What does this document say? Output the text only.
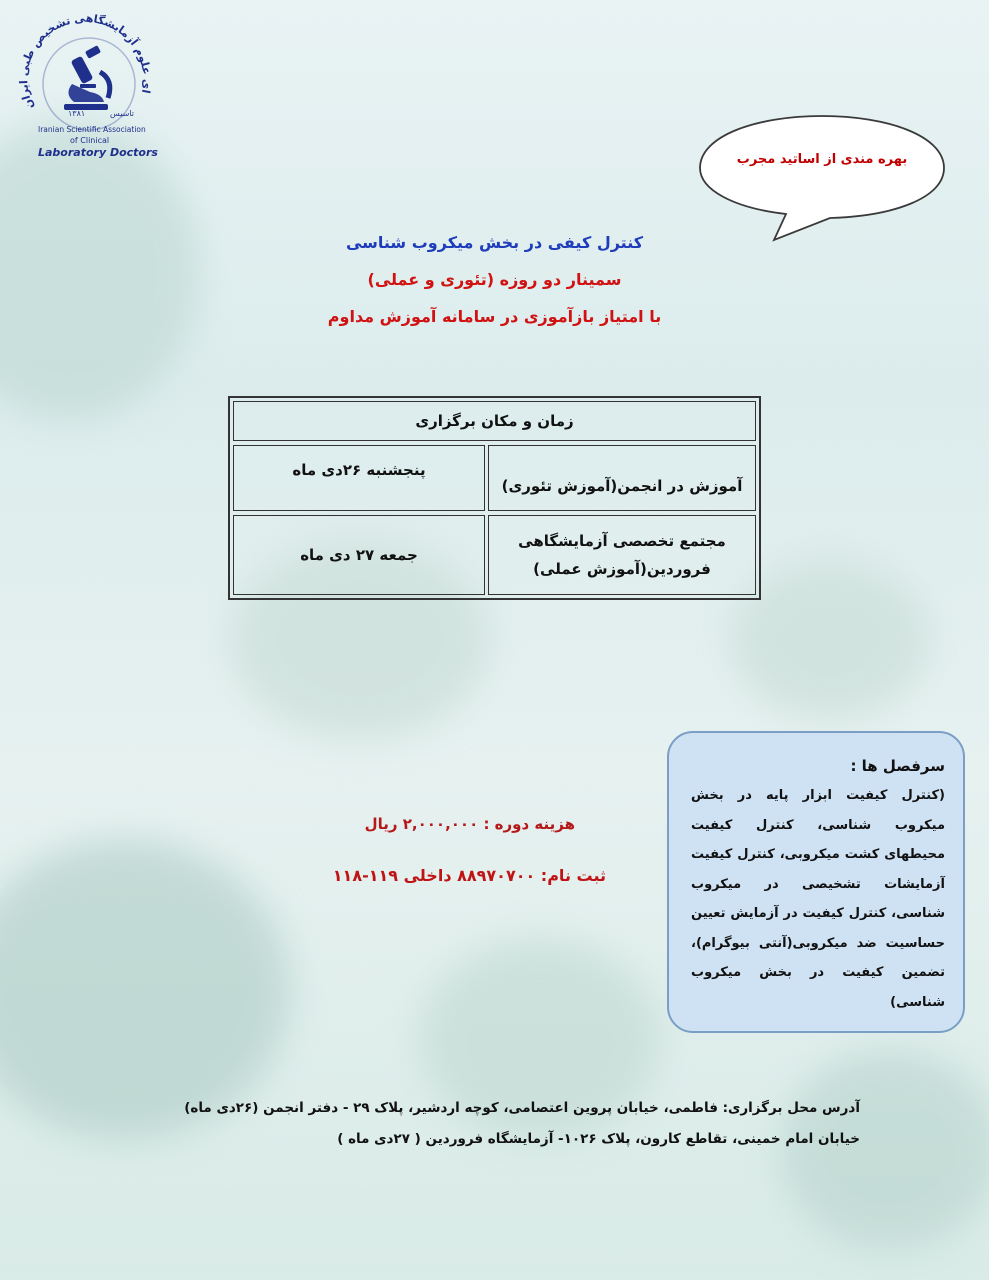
ای علوم آزمایشگاهی تشخیص طبی ایران
تاسیس
۱۳۸۱
Iranian Scientific Association
of Clinical
Laboratory Doctors	بهره مندی از اساتید مجرب
کنترل کیفی در بخش میکروب شناسی
سمینار دو روزه (تئوری و عملی)
با امتیاز بازآموزی در سامانه آموزش مداوم
زمان و مکان برگزاری
آموزش در انجمن(آموزش تئوری)
پنجشنبه ۲۶دی ماه
مجتمع تخصصی آزمایشگاهی
فروردین(آموزش عملی)
جمعه ۲۷ دی ماه
سرفصل ها :
(کنترل کیفیت ابزار پایه در بخش میکروب شناسی، کنترل کیفیت محیطهای کشت میکروبی، کنترل کیفیت آزمایشات تشخیصی در میکروب شناسی، کنترل کیفیت در آزمایش تعیین حساسیت ضد میکروبی(آنتی بیوگرام)، تضمین کیفیت در بخش میکروب شناسی)
هزینه دوره : ۲,۰۰۰,۰۰۰ ریال
ثبت نام: ۸۸۹۷۰۷۰۰ داخلی ۱۱۹-۱۱۸
آدرس محل برگزاری: فاطمی، خیابان پروین اعتصامی، کوچه اردشیر، پلاک ۲۹ - دفتر انجمن (۲۶دی ماه)
خیابان امام خمینی، تقاطع کارون، پلاک ۱۰۲۶- آزمایشگاه فروردین ( ۲۷دی ماه )
